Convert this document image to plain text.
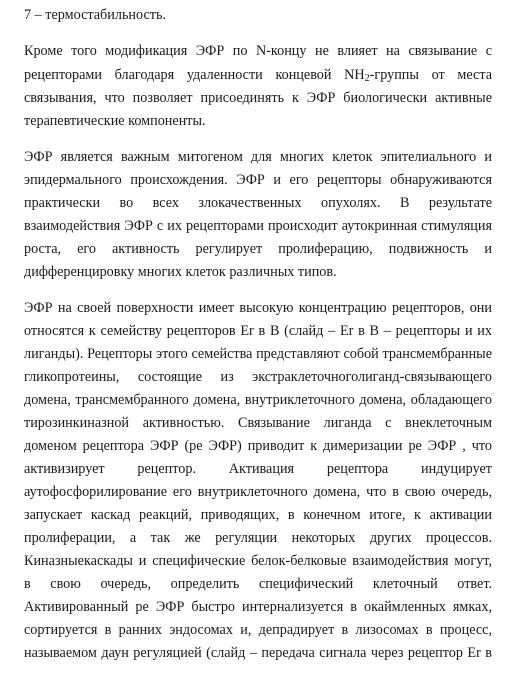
7 – термостабильность.
Кроме того модификация ЭФР по N-концу не влияет на связывание с
рецепторами благодаря удаленности концевой $NH_2$-группы от места
связывания, что позволяет присоединять к ЭФР биологически активные
терапевтические компоненты.
ЭФР является важным митогеном для многих клеток эпителиального и
эпидермального происхождения. ЭФР и его рецепторы обнаруживаются
практически во всех злокачественных опухолях. В результате
взаимодействия ЭФР с их рецепторами происходит аутокринная стимуляция
роста, его активность регулирует пролиферацию, подвижность и
дифференцировку многих клеток различных типов.
ЭФР на своей поверхности имеет высокую концентрацию рецепторов, они
относятся к семейству рецепторов Er в В (слайд – Er в В – рецепторы и их
лиганды). Рецепторы этого семейства представляют собой трансмембранные
гликопротеины, состоящие из экстраклеточноголиганд-связывающего
домена, трансмембранного домена, внутриклеточного домена, обладающего
тирозинкиназной активностью. Связывание лиганда с внеклеточным
доменом рецептора ЭФР (ре ЭФР) приводит к димеризации ре ЭФР , что
активизирует рецептор. Активация рецептора индуцирует
аутофосфорилирование его внутриклеточного домена, что в свою очередь,
запускает каскад реакций, приводящих, в конечном итоге, к активации
пролиферации, а так же регуляции некоторых других процессов.
Киназныекаскады и специфические белок-белковые взаимодействия могут,
в свою очередь, определить специфический клеточный ответ.
Активированный ре ЭФР быстро интернализуется в окаймленных ямках,
сортируется в ранних эндосомах и, депрадирует в лизосомах в процесс,
называемом даун регуляцией (слайд – передача сигнала через рецептор Er в
